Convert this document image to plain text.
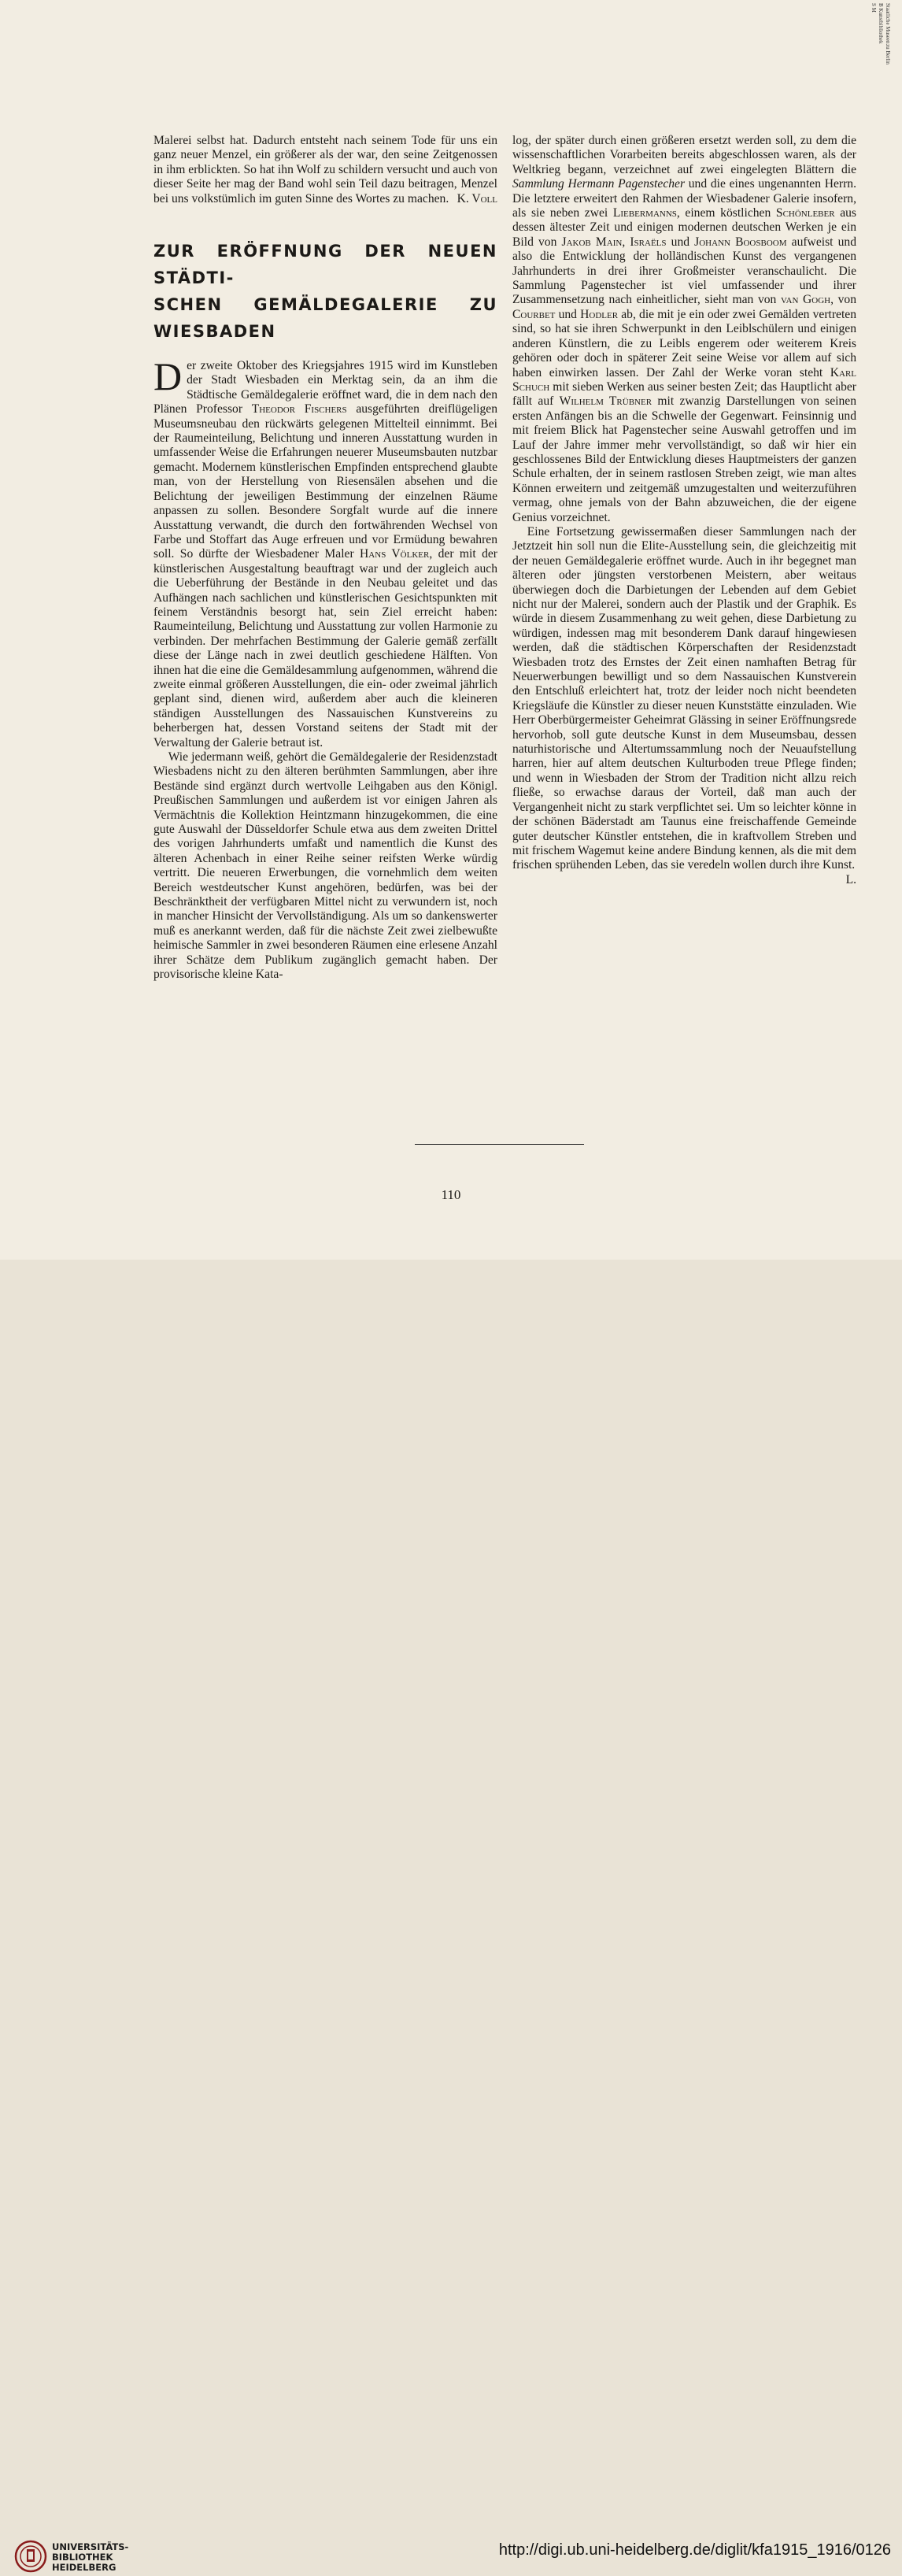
S M B Kunstbibliothek Staatliche Museen
zu Berlin

Malerei selbst hat. Dadurch entsteht nach seinem Tode für uns ein ganz neuer Menzel, ein größerer als der war, den seine Zeitgenossen in ihm erblickten. So hat ihn Wolf zu schildern versucht und auch von dieser Seite her mag der Band wohl sein Teil dazu beitragen, Menzel bei uns volkstümlich im guten Sinne des Wortes zu machen. K. Voll

ZUR ERÖFFNUNG DER NEUEN STÄDTI-
SCHEN GEMÄLDEGALERIE ZU WIESBADEN

Der zweite Oktober des Kriegsjahres 1915 wird im Kunstleben der Stadt Wiesbaden ein Merktag sein, da an ihm die Städtische Gemäldegalerie eröffnet ward, die in dem nach den Plänen Professor Theodor Fischers ausgeführten dreiflügeligen Museumsneubau den rückwärts gelegenen Mittelteil einnimmt. Bei der Raumeinteilung, Belichtung und inneren Ausstattung wurden in umfassender Weise die Erfahrungen neuerer Museumsbauten nutzbar gemacht. Modernem künstlerischen Empfinden entsprechend glaubte man, von der Herstellung von Riesensälen absehen und die Belichtung der jeweiligen Bestimmung der einzelnen Räume anpassen zu sollen. Besondere Sorgfalt wurde auf die innere Ausstattung verwandt, die durch den fortwährenden Wechsel von Farbe und Stoffart das Auge erfreuen und vor Ermüdung bewahren soll. So dürfte der Wiesbadener Maler Hans Völker, der mit der künstlerischen Ausgestaltung beauftragt war und der zugleich auch die Ueberführung der Bestände in den Neubau geleitet und das Aufhängen nach sachlichen und künstlerischen Gesichtspunkten mit feinem Verständnis besorgt hat, sein Ziel erreicht haben: Raumeinteilung, Belichtung und Ausstattung zur vollen Harmonie zu verbinden. Der mehrfachen Bestimmung der Galerie gemäß zerfällt diese der Länge nach in zwei deutlich geschiedene Hälften. Von ihnen hat die eine die Gemäldesammlung aufgenommen, während die zweite einmal größeren Ausstellungen, die ein- oder zweimal jährlich geplant sind, dienen wird, außerdem aber auch die kleineren ständigen Ausstellungen des Nassauischen Kunstvereins zu beherbergen hat, dessen Vorstand seitens der Stadt mit der Verwaltung der Galerie betraut ist.

Wie jedermann weiß, gehört die Gemäldegalerie der Residenzstadt Wiesbadens nicht zu den älteren berühmten Sammlungen, aber ihre Bestände sind ergänzt durch wertvolle Leihgaben aus den Königl. Preußischen Sammlungen und außerdem ist vor einigen Jahren als Vermächtnis die Kollektion Heintzmann hinzugekommen, die eine gute Auswahl der Düsseldorfer Schule etwa aus dem zweiten Drittel des vorigen Jahrhunderts umfaßt und namentlich die Kunst des älteren Achenbach in einer Reihe seiner reifsten Werke würdig vertritt. Die neueren Erwerbungen, die vornehmlich dem weiten Bereich westdeutscher Kunst angehören, bedürfen, was bei der Beschränktheit der verfügbaren Mittel nicht zu verwundern ist, noch in mancher Hinsicht der Vervollständigung. Als um so dankenswerter muß es anerkannt werden, daß für die nächste Zeit zwei zielbewußte heimische Sammler in zwei besonderen Räumen eine erlesene Anzahl ihrer Schätze dem Publikum zugänglich gemacht haben. Der provisorische kleine Kata-

log, der später durch einen größeren ersetzt werden soll, zu dem die wissenschaftlichen Vorarbeiten bereits abgeschlossen waren, als der Weltkrieg begann, verzeichnet auf zwei eingelegten Blättern die Sammlung Hermann Pagenstecher und die eines ungenannten Herrn. Die letztere erweitert den Rahmen der Wiesbadener Galerie insofern, als sie neben zwei Liebermanns, einem köstlichen Schönleber aus dessen ältester Zeit und einigen modernen deutschen Werken je ein Bild von Jakob Main, Israëls und Johann Boosboom aufweist und also die Entwicklung der holländischen Kunst des vergangenen Jahrhunderts in drei ihrer Großmeister veranschaulicht. Die Sammlung Pagenstecher ist viel umfassender und ihrer Zusammensetzung nach einheitlicher, sieht man von van Gogh, von Courbet und Hodler ab, die mit je ein oder zwei Gemälden vertreten sind, so hat sie ihren Schwerpunkt in den Leiblschülern und einigen anderen Künstlern, die zu Leibls engerem oder weiterem Kreis gehören oder doch in späterer Zeit seine Weise vor allem auf sich haben einwirken lassen. Der Zahl der Werke voran steht Karl Schuch mit sieben Werken aus seiner besten Zeit; das Hauptlicht aber fällt auf Wilhelm Trübner mit zwanzig Darstellungen von seinen ersten Anfängen bis an die Schwelle der Gegenwart. Feinsinnig und mit freiem Blick hat Pagenstecher seine Auswahl getroffen und im Lauf der Jahre immer mehr vervollständigt, so daß wir hier ein geschlossenes Bild der Entwicklung dieses Hauptmeisters der ganzen Schule erhalten, der in seinem rastlosen Streben zeigt, wie man altes Können erweitern und zeitgemäß umzugestalten und weiterzuführen vermag, ohne jemals von der Bahn abzuweichen, die der eigene Genius vorzeichnet.

Eine Fortsetzung gewissermaßen dieser Sammlungen nach der Jetztzeit hin soll nun die Elite-Ausstellung sein, die gleichzeitig mit der neuen Gemäldegalerie eröffnet wurde. Auch in ihr begegnet man älteren oder jüngsten verstorbenen Meistern, aber weitaus überwiegen doch die Darbietungen der Lebenden auf dem Gebiet nicht nur der Malerei, sondern auch der Plastik und der Graphik. Es würde in diesem Zusammenhang zu weit gehen, diese Darbietung zu würdigen, indessen mag mit besonderem Dank darauf hingewiesen werden, daß die städtischen Körperschaften der Residenzstadt Wiesbaden trotz des Ernstes der Zeit einen namhaften Betrag für Neuerwerbungen bewilligt und so dem Nassauischen Kunstverein den Entschluß erleichtert hat, trotz der leider noch nicht beendeten Kriegsläufe die Künstler zu dieser neuen Kunststätte einzuladen. Wie Herr Oberbürgermeister Geheimrat Glässing in seiner Eröffnungsrede hervorhob, soll gute deutsche Kunst in dem Museumsbau, dessen naturhistorische und Altertumssammlung noch der Neuaufstellung harren, hier auf altem deutschen Kulturboden treue Pflege finden; und wenn in Wiesbaden der Strom der Tradition nicht allzu reich fließe, so erwachse daraus der Vorteil, daß man auch der Vergangenheit nicht zu stark verpflichtet sei. Um so leichter könne in der schönen Bäderstadt am Taunus eine freischaffende Gemeinde guter deutscher Künstler entstehen, die in kraftvollem Streben und mit frischem Wagemut keine andere Bindung kennen, als die mit dem frischen sprühenden Leben, das sie veredeln wollen durch ihre Kunst.
L.

110
UNIVERSITÄTS-
BIBLIOTHEK
HEIDELBERG
http://digi.ub.uni-heidelberg.de/diglit/kfa1915_1916/0126
